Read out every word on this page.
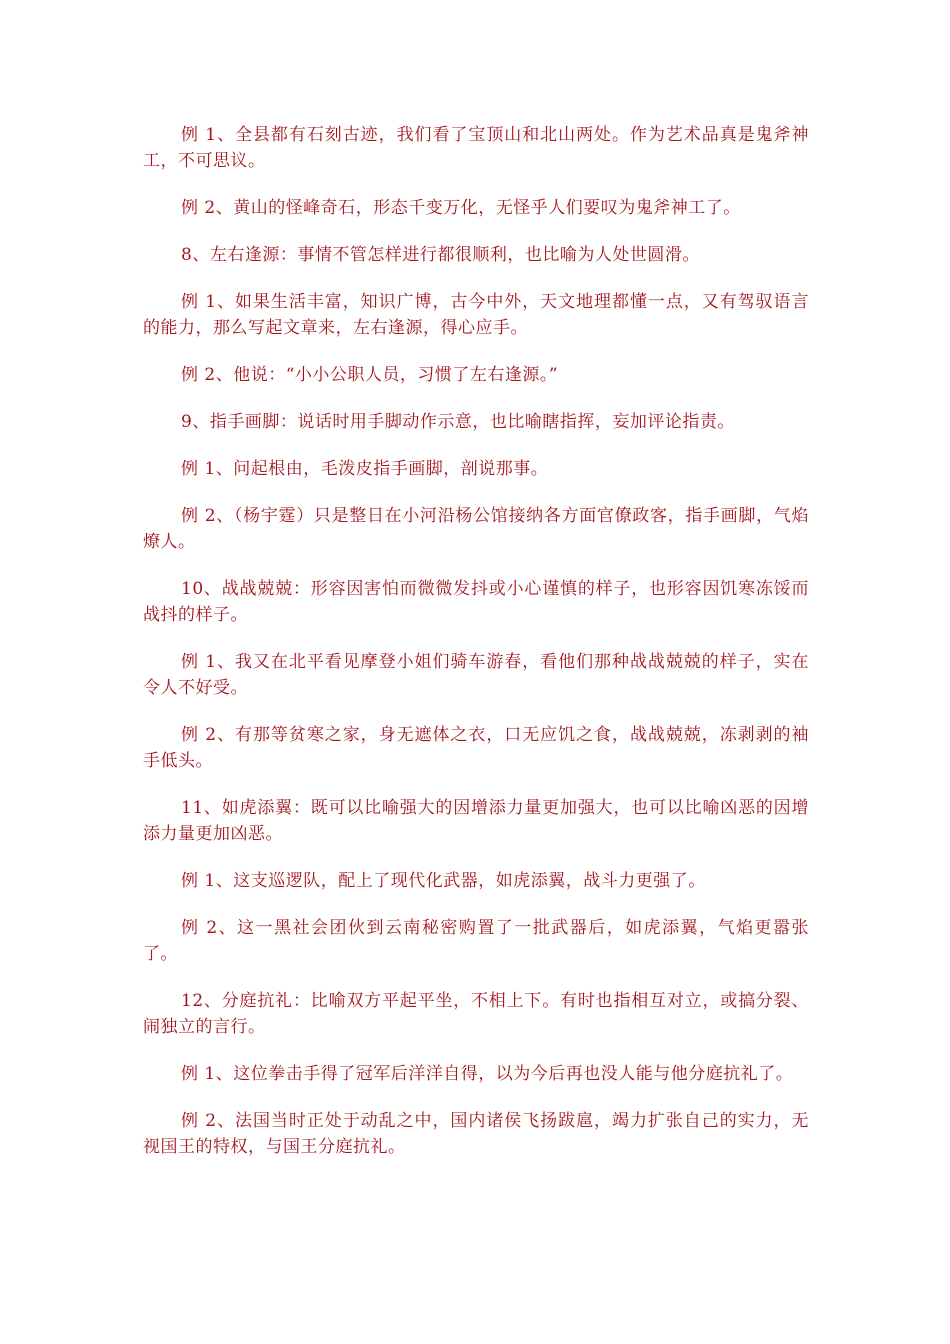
例 1、全县都有石刻古迹，我们看了宝顶山和北山两处。作为艺术品真是鬼斧神工，不可思议。

例 2、黄山的怪峰奇石，形态千变万化，无怪乎人们要叹为鬼斧神工了。

8、左右逢源：事情不管怎样进行都很顺利，也比喻为人处世圆滑。

例 1、如果生活丰富，知识广博，古今中外，天文地理都懂一点，又有驾驭语言的能力，那么写起文章来，左右逢源，得心应手。

例 2、他说：“小小公职人员，习惯了左右逢源。”

9、指手画脚：说话时用手脚动作示意，也比喻瞎指挥，妄加评论指责。

例 1、问起根由，毛泼皮指手画脚，剖说那事。

例 2、（杨宇霆）只是整日在小河沿杨公馆接纳各方面官僚政客，指手画脚，气焰燎人。

10、战战兢兢：形容因害怕而微微发抖或小心谨慎的样子，也形容因饥寒冻馁而战抖的样子。

例 1、我又在北平看见摩登小姐们骑车游春，看他们那种战战兢兢的样子，实在令人不好受。

例 2、有那等贫寒之家，身无遮体之衣，口无应饥之食，战战兢兢，冻剥剥的袖手低头。

11、如虎添翼：既可以比喻强大的因增添力量更加强大，也可以比喻凶恶的因增添力量更加凶恶。

例 1、这支巡逻队，配上了现代化武器，如虎添翼，战斗力更强了。

例 2、这一黑社会团伙到云南秘密购置了一批武器后，如虎添翼，气焰更嚣张了。

12、分庭抗礼：比喻双方平起平坐，不相上下。有时也指相互对立，或搞分裂、闹独立的言行。

例 1、这位拳击手得了冠军后洋洋自得，以为今后再也没人能与他分庭抗礼了。

例 2、法国当时正处于动乱之中，国内诸侯飞扬跋扈，竭力扩张自己的实力，无视国王的特权，与国王分庭抗礼。
